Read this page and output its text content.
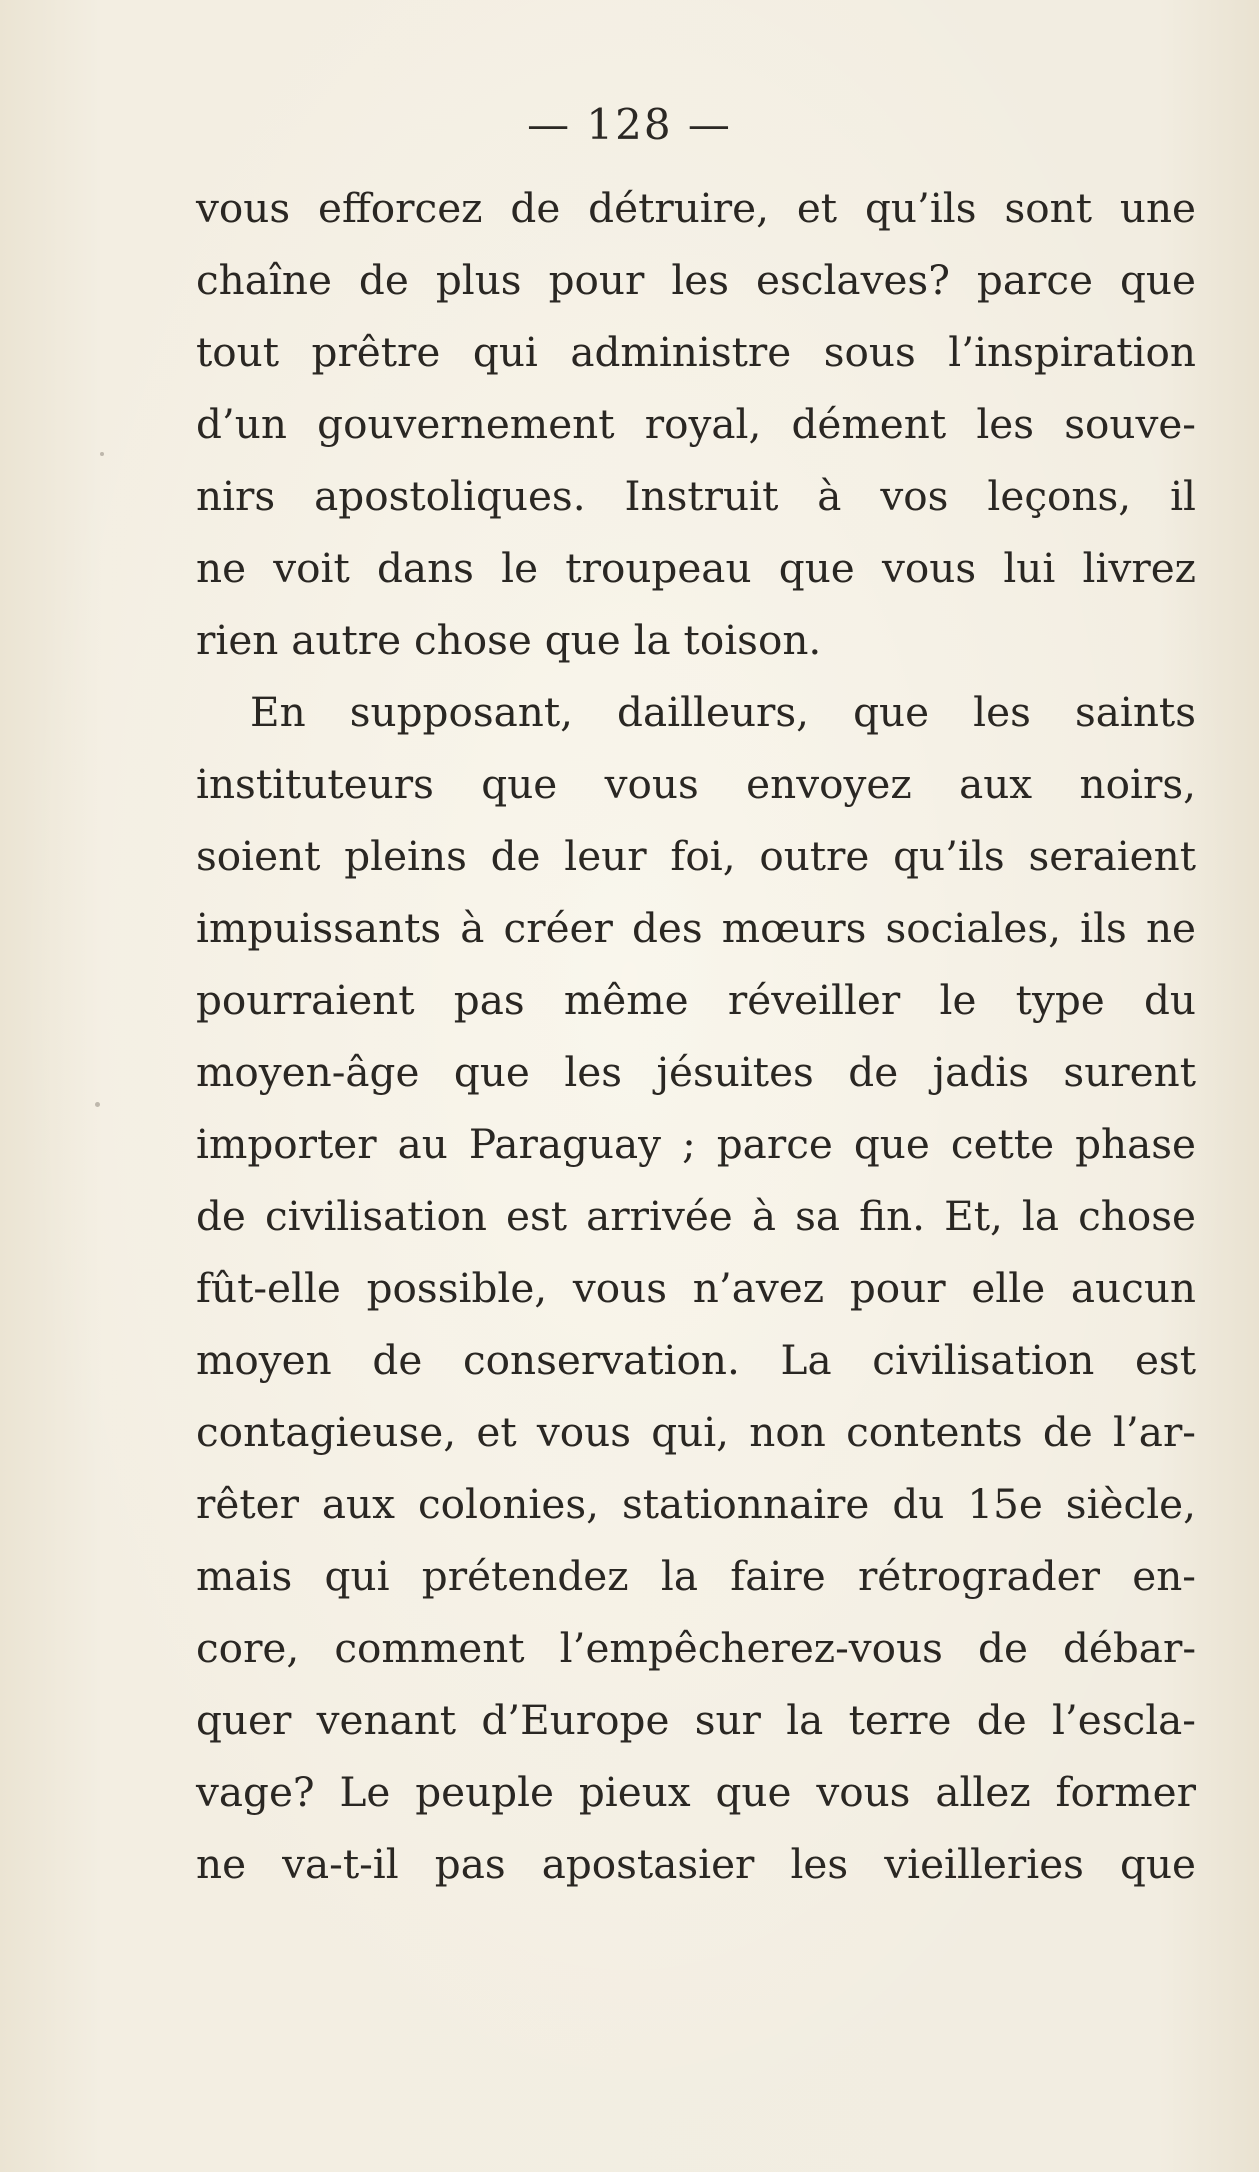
— 128 —
vous efforcez de détruire, et qu’ils sont une
chaîne de plus pour les esclaves? parce que
tout prêtre qui administre sous l’inspiration
d’un gouvernement royal, dément les souve-
nirs apostoliques. Instruit à vos leçons, il
ne voit dans le troupeau que vous lui livrez
rien autre chose que la toison.
En supposant, dailleurs, que les saints
instituteurs que vous envoyez aux noirs,
soient pleins de leur foi, outre qu’ils seraient
impuissants à créer des mœurs sociales, ils ne
pourraient pas même réveiller le type du
moyen-âge que les jésuites de jadis surent
importer au Paraguay ; parce que cette phase
de civilisation est arrivée à sa fin. Et, la chose
fût-elle possible, vous n’avez pour elle aucun
moyen de conservation. La civilisation est
contagieuse, et vous qui, non contents de l’ar-
rêter aux colonies, stationnaire du 15e siècle,
mais qui prétendez la faire rétrograder en-
core, comment l’empêcherez-vous de débar-
quer venant d’Europe sur la terre de l’escla-
vage? Le peuple pieux que vous allez former
ne va-t-il pas apostasier les vieilleries que
